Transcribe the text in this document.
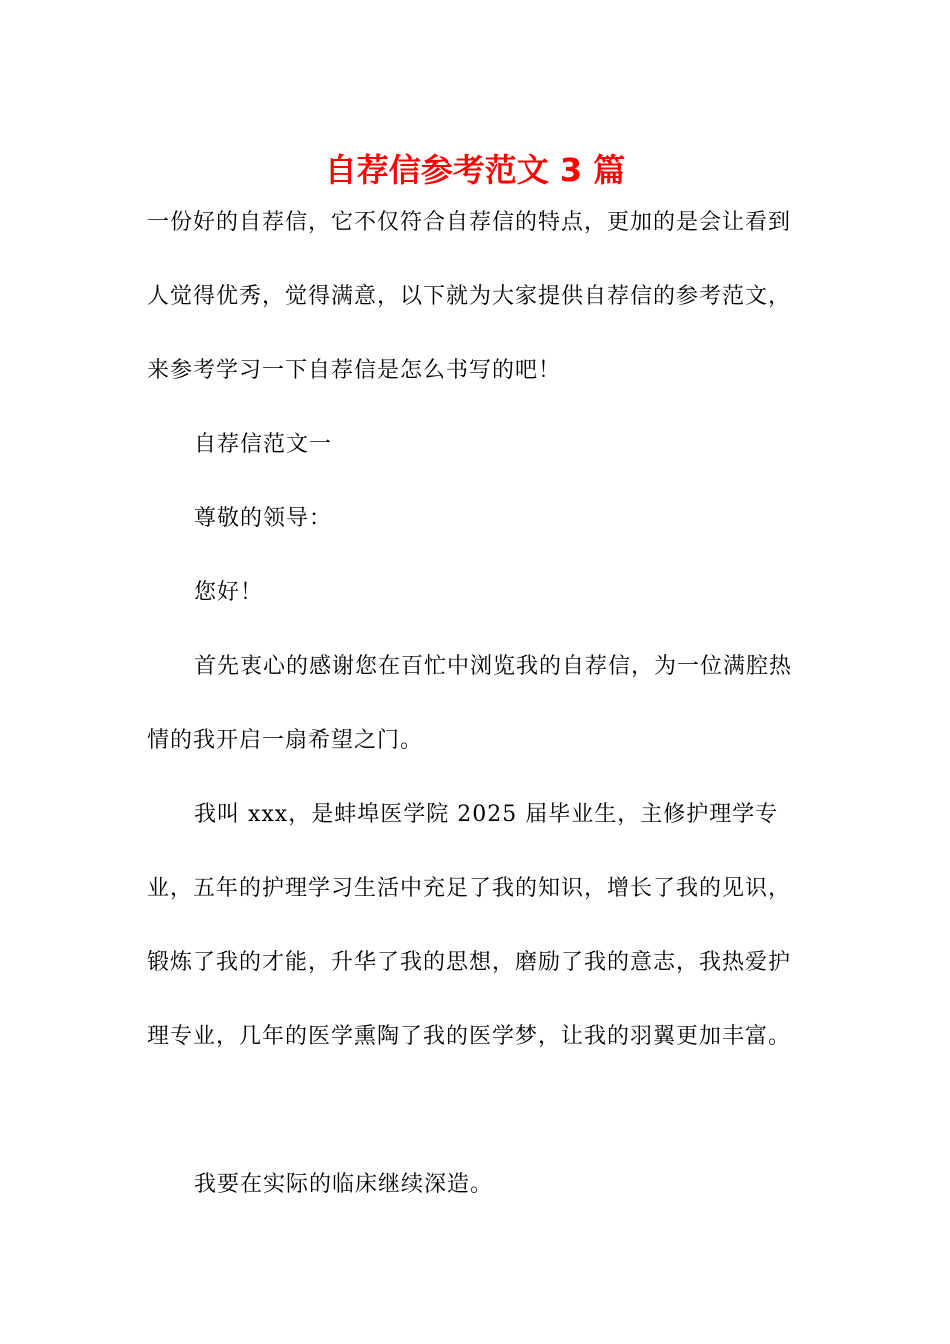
自荐信参考范文 3 篇

一份好的自荐信，它不仅符合自荐信的特点，更加的是会让看到人觉得优秀，觉得满意，以下就为大家提供自荐信的参考范文，来参考学习一下自荐信是怎么书写的吧！

自荐信范文一

尊敬的领导：

您好！

首先衷心的感谢您在百忙中浏览我的自荐信，为一位满腔热情的我开启一扇希望之门。

我叫 xxx，是蚌埠医学院 2025 届毕业生，主修护理学专业，五年的护理学习生活中充足了我的知识，增长了我的见识，锻炼了我的才能，升华了我的思想，磨励了我的意志，我热爱护理专业，几年的医学熏陶了我的医学梦，让我的羽翼更加丰富。

我要在实际的临床继续深造。
